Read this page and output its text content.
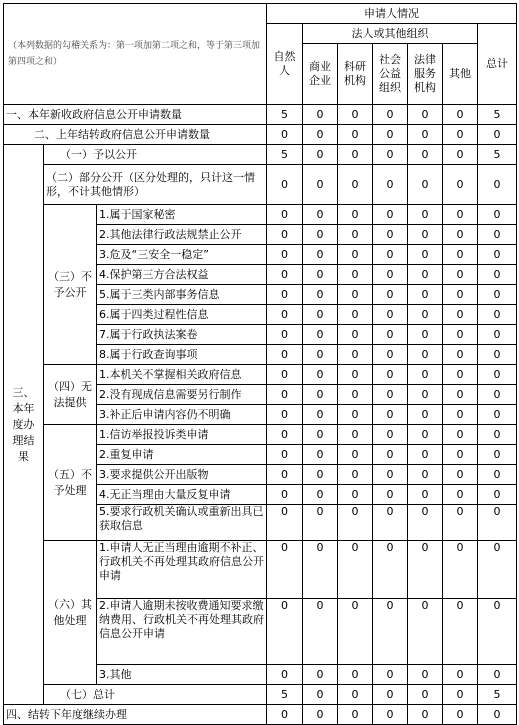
（本列数据的勾稽关系为：第一项加第二项之和，等于第三项加第四项之和）			申请人情况						
			自然人	法人或其他组织					总计
				商业企业	科研机构	社会公益组织	法律服务机构	其他	
一、本年新收政府信息公开申请数量			5	0	0	0	0	0	5
二、上年结转政府信息公开申请数量			0	0	0	0	0	0	0
三、本年度办理结果	（一）予以公开		5	0	0	0	0	0	5
	（二）部分公开（区分处理的，只计这一情形，不计其他情形）		0	0	0	0	0	0	0
	（三）不予公开	1.属于国家秘密	0	0	0	0	0	0	0
		2.其他法律行政法规禁止公开	0	0	0	0	0	0	0
		3.危及“三安全一稳定”	0	0	0	0	0	0	0
		4.保护第三方合法权益	0	0	0	0	0	0	0
		5.属于三类内部事务信息	0	0	0	0	0	0	0
		6.属于四类过程性信息	0	0	0	0	0	0	0
		7.属于行政执法案卷	0	0	0	0	0	0	0
		8.属于行政查询事项	0	0	0	0	0	0	0
	（四）无法提供	1.本机关不掌握相关政府信息	0	0	0	0	0	0	0
		2.没有现成信息需要另行制作	0	0	0	0	0	0	0
		3.补正后申请内容仍不明确	0	0	0	0	0	0	0
	（五）不予处理	1.信访举报投诉类申请	0	0	0	0	0	0	0
		2.重复申请	0	0	0	0	0	0	0
		3.要求提供公开出版物	0	0	0	0	0	0	0
		4.无正当理由大量反复申请	0	0	0	0	0	0	0
		5.要求行政机关确认或重新出具已获取信息	0	0	0	0	0	0	0
	（六）其他处理	1.申请人无正当理由逾期不补正、行政机关不再处理其政府信息公开申请	0	0	0	0	0	0	0
		2.申请人逾期未按收费通知要求缴纳费用、行政机关不再处理其政府信息公开申请	0	0	0	0	0	0	0
		3.其他	0	0	0	0	0	0	0
	（七）总计		5	0	0	0	0	0	5
四、结转下年度继续办理			0	0	0	0	0	0	0
